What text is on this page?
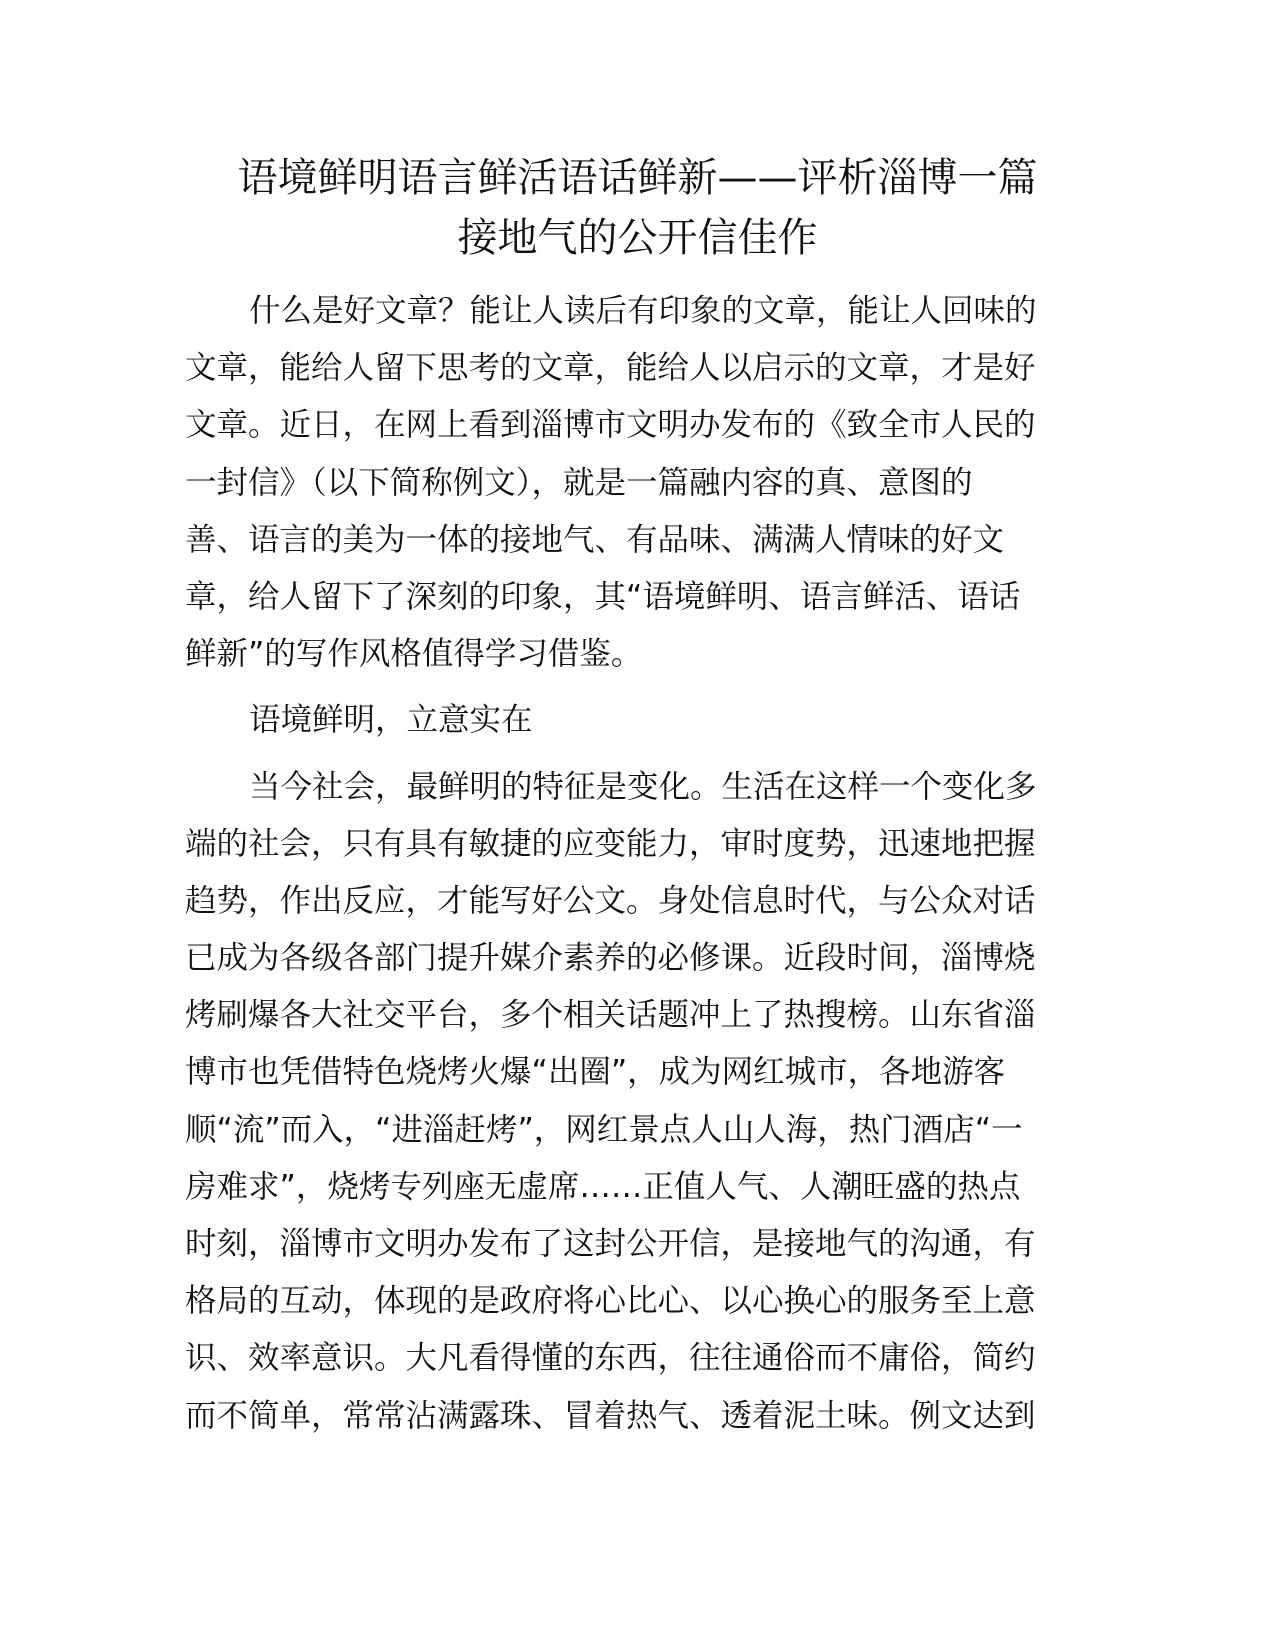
语境鲜明语言鲜活语话鲜新——评析淄博一篇
接地气的公开信佳作
什么是好文章？能让人读后有印象的文章，能让人回味的
文章，能给人留下思考的文章，能给人以启示的文章，才是好
文章。近日，在网上看到淄博市文明办发布的《致全市人民的
一封信》（以下简称例文），就是一篇融内容的真、意图的
善、语言的美为一体的接地气、有品味、满满人情味的好文
章，给人留下了深刻的印象，其“语境鲜明、语言鲜活、语话
鲜新”的写作风格值得学习借鉴。
语境鲜明，立意实在
当今社会，最鲜明的特征是变化。生活在这样一个变化多
端的社会，只有具有敏捷的应变能力，审时度势，迅速地把握
趋势，作出反应，才能写好公文。身处信息时代，与公众对话
已成为各级各部门提升媒介素养的必修课。近段时间，淄博烧
烤刷爆各大社交平台，多个相关话题冲上了热搜榜。山东省淄
博市也凭借特色烧烤火爆“出圈”，成为网红城市，各地游客
顺“流”而入，“进淄赶烤”，网红景点人山人海，热门酒店“一
房难求”，烧烤专列座无虚席……正值人气、人潮旺盛的热点
时刻，淄博市文明办发布了这封公开信，是接地气的沟通，有
格局的互动，体现的是政府将心比心、以心换心的服务至上意
识、效率意识。大凡看得懂的东西，往往通俗而不庸俗，简约
而不简单，常常沾满露珠、冒着热气、透着泥土味。例文达到
